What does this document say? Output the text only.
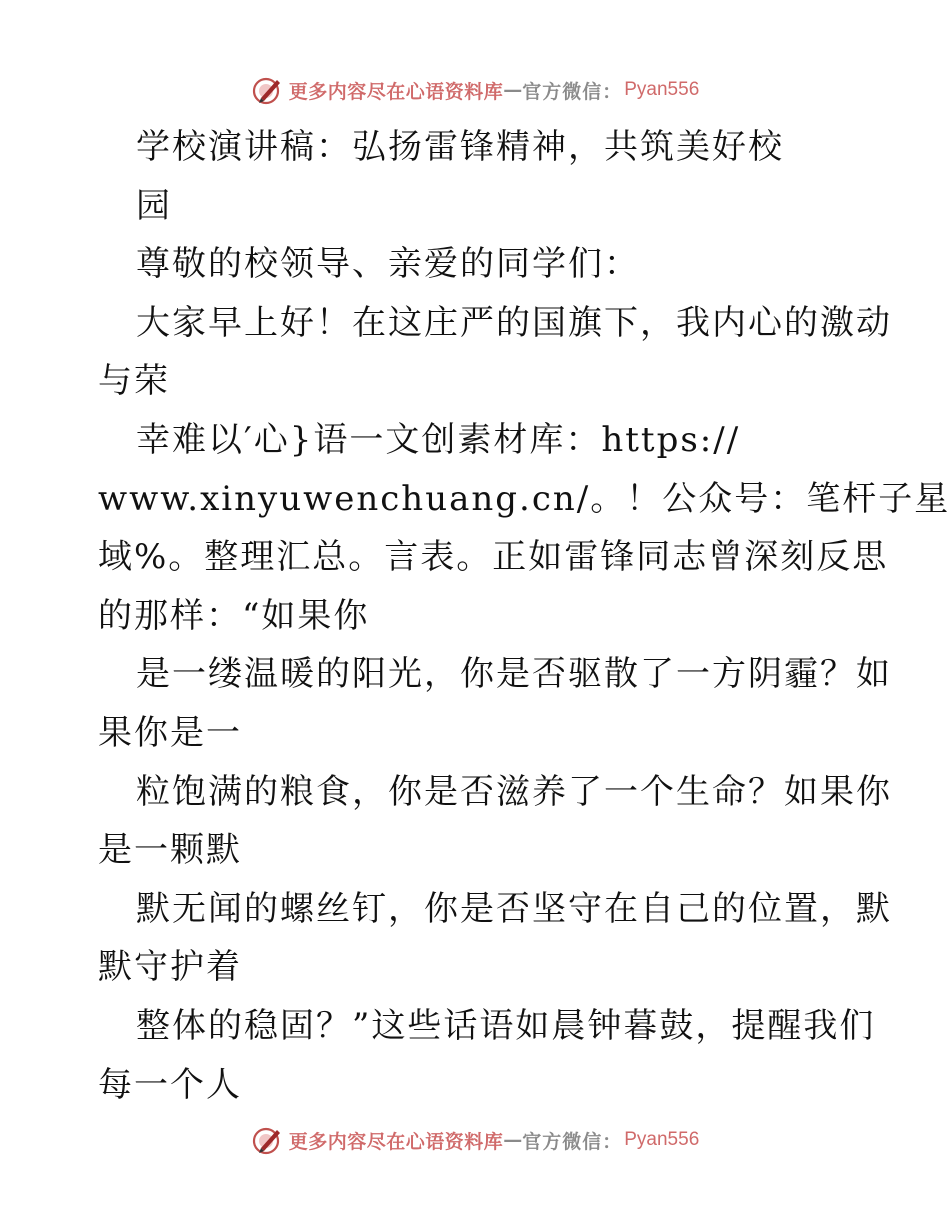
更多内容尽在心语资料库 — 官方微信： Pyan556
学校演讲稿：弘扬雷锋精神，共筑美好校
园
尊敬的校领导、亲爱的同学们：
大家早上好！在这庄严的国旗下，我内心的激动
与荣
幸难以′心}语一文创素材库：https://
www.xinyuwenchuang.cn/。！公众号：笔杆子星
域%。整理汇总。言表。正如雷锋同志曾深刻反思
的那样：“如果你
是一缕温暖的阳光，你是否驱散了一方阴霾？如
果你是一
粒饱满的粮食，你是否滋养了一个生命？如果你
是一颗默
默无闻的螺丝钉，你是否坚守在自己的位置，默
默守护着
整体的稳固？”这些话语如晨钟暮鼓，提醒我们
每一个人
更多内容尽在心语资料库 — 官方微信： Pyan556
